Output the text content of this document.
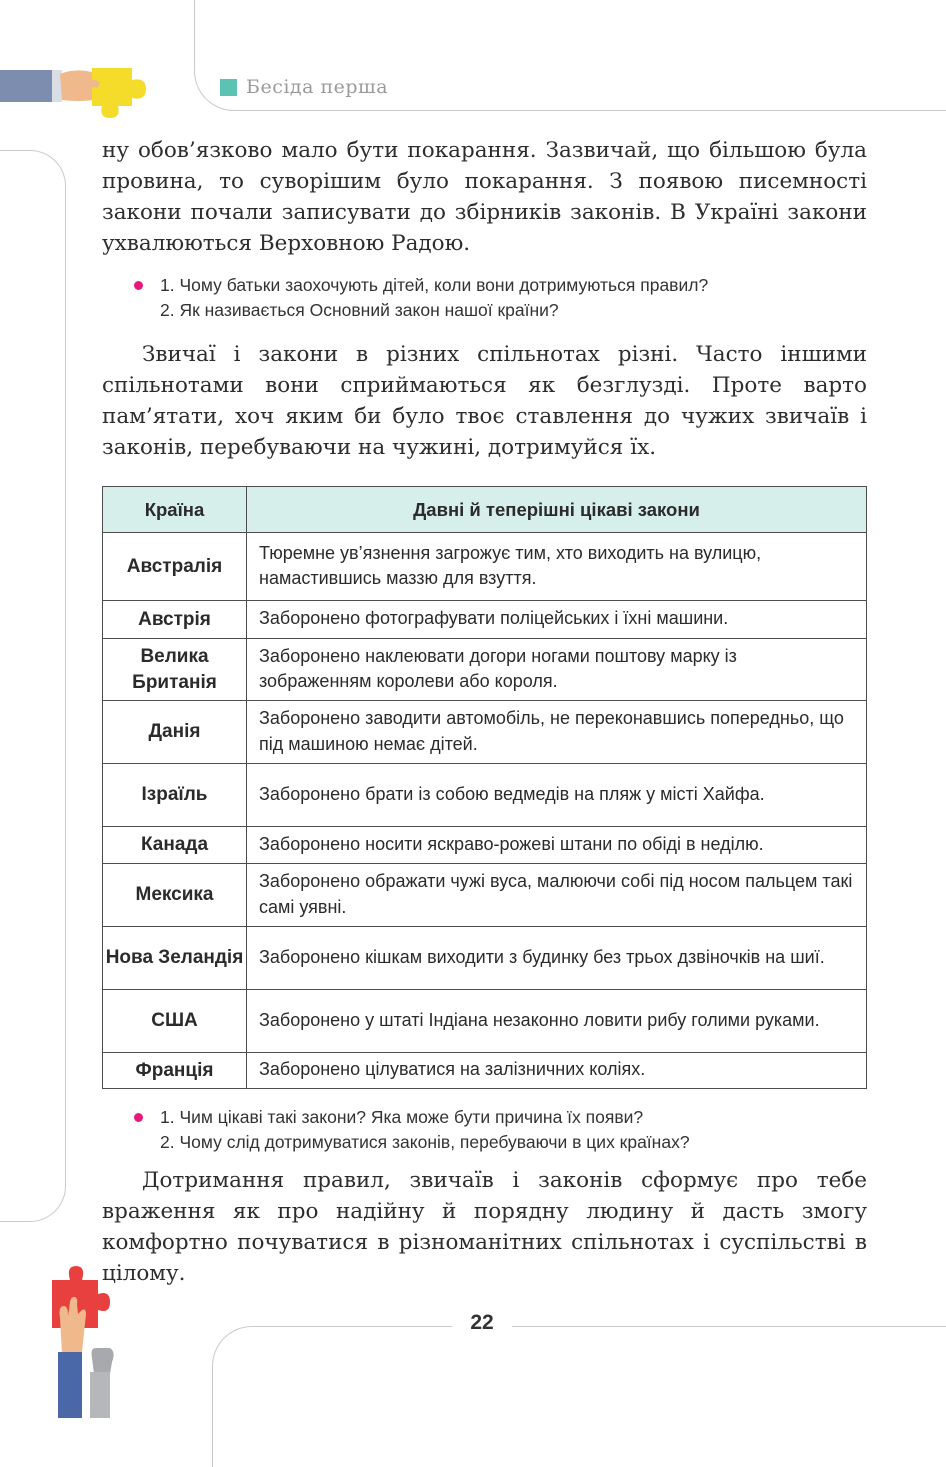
Бесіда перша
ну обов’язково мало бути покарання. Зазвичай, що більшою була провина, то суворішим було покарання. З появою писемності закони почали записувати до збірників законів. В Україні закони ухвалюються Верховною Радою.
1. Чому батьки заохочують дітей, коли вони дотримуються правил?
2. Як називається Основний закон нашої країни?
Звичаї і закони в різних спільнотах різні. Часто іншими спільнотами вони сприймаються як безглузді. Проте варто пам’ятати, хоч яким би було твоє ставлення до чужих звичаїв і законів, перебуваючи на чужині, дотримуйся їх.
Країна	Давні й теперішні цікаві закони
Австралія	Тюремне ув’язнення загрожує тим, хто виходить на вулицю, намастившись маззю для взуття.
Австрія	Заборонено фотографувати поліцейських і їхні машини.
Велика Британія	Заборонено наклеювати догори ногами поштову марку із зображенням королеви або короля.
Данія	Заборонено заводити автомобіль, не переконавшись попередньо, що під машиною немає дітей.
Ізраїль	Заборонено брати із собою ведмедів на пляж у місті Хайфа.
Канада	Заборонено носити яскраво-рожеві штани по обіді в неділю.
Мексика	Заборонено ображати чужі вуса, малюючи собі під носом пальцем такі самі уявні.
Нова Зеландія	Заборонено кішкам виходити з будинку без трьох дзвіночків на шиї.
США	Заборонено у штаті Індіана незаконно ловити рибу голими руками.
Франція	Заборонено цілуватися на залізничних коліях.
1. Чим цікаві такі закони? Яка може бути причина їх появи?
2. Чому слід дотримуватися законів, перебуваючи в цих країнах?
Дотримання правил, звичаїв і законів сформує про тебе враження як про надійну й порядну людину й дасть змогу комфортно почуватися в різноманітних спільнотах і суспільстві в цілому.
22
